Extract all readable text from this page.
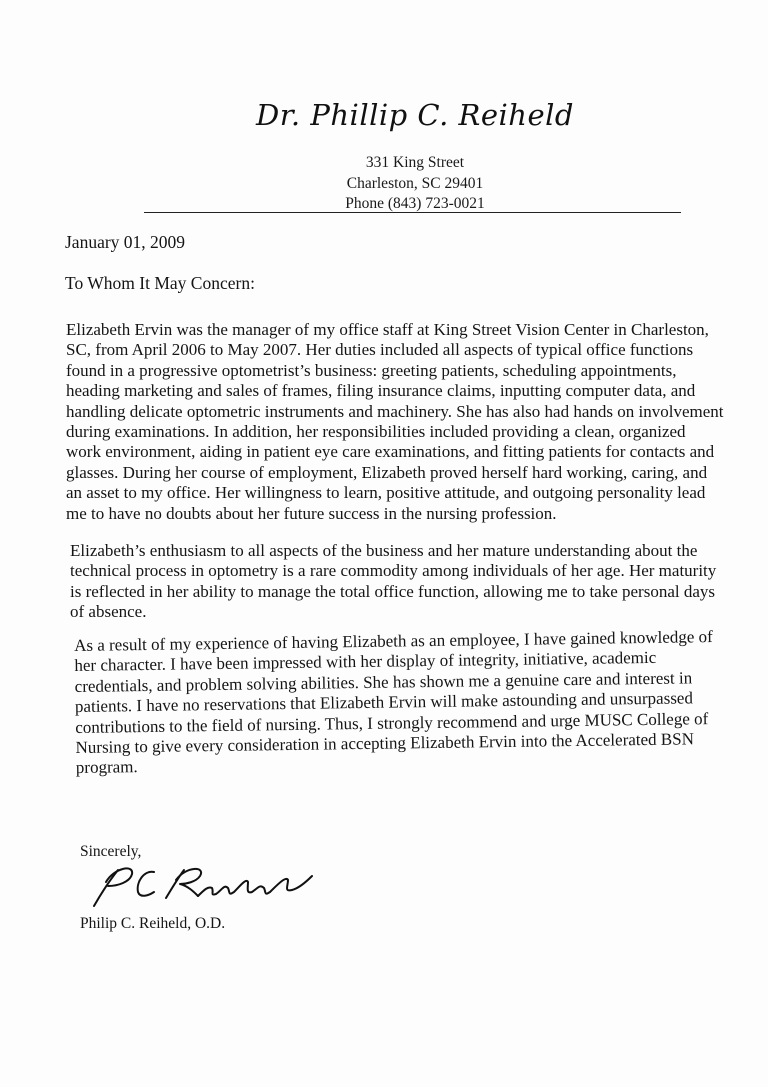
Dr. Phillip C. Reiheld
331 King Street
Charleston, SC 29401
Phone (843) 723-0021
January 01, 2009
To Whom It May Concern:

Elizabeth Ervin was the manager of my office staff at King Street Vision Center in Charleston,
SC, from April 2006 to May 2007. Her duties included all aspects of typical office functions
found in a progressive optometrist’s business: greeting patients, scheduling appointments,
heading marketing and sales of frames, filing insurance claims, inputting computer data, and
handling delicate optometric instruments and machinery. She has also had hands on involvement
during examinations. In addition, her responsibilities included providing a clean, organized
work environment, aiding in patient eye care examinations, and fitting patients for contacts and
glasses. During her course of employment, Elizabeth proved herself hard working, caring, and
an asset to my office. Her willingness to learn, positive attitude, and outgoing personality lead
me to have no doubts about her future success in the nursing profession.

Elizabeth’s enthusiasm to all aspects of the business and her mature understanding about the
technical process in optometry is a rare commodity among individuals of her age. Her maturity
is reflected in her ability to manage the total office function, allowing me to take personal days
of absence.

As a result of my experience of having Elizabeth as an employee, I have gained knowledge of
her character. I have been impressed with her display of integrity, initiative, academic
credentials, and problem solving abilities. She has shown me a genuine care and interest in
patients. I have no reservations that Elizabeth Ervin will make astounding and unsurpassed
contributions to the field of nursing. Thus, I strongly recommend and urge MUSC College of
Nursing to give every consideration in accepting Elizabeth Ervin into the Accelerated BSN
program.

Sincerely,
Philip C. Reiheld, O.D.
